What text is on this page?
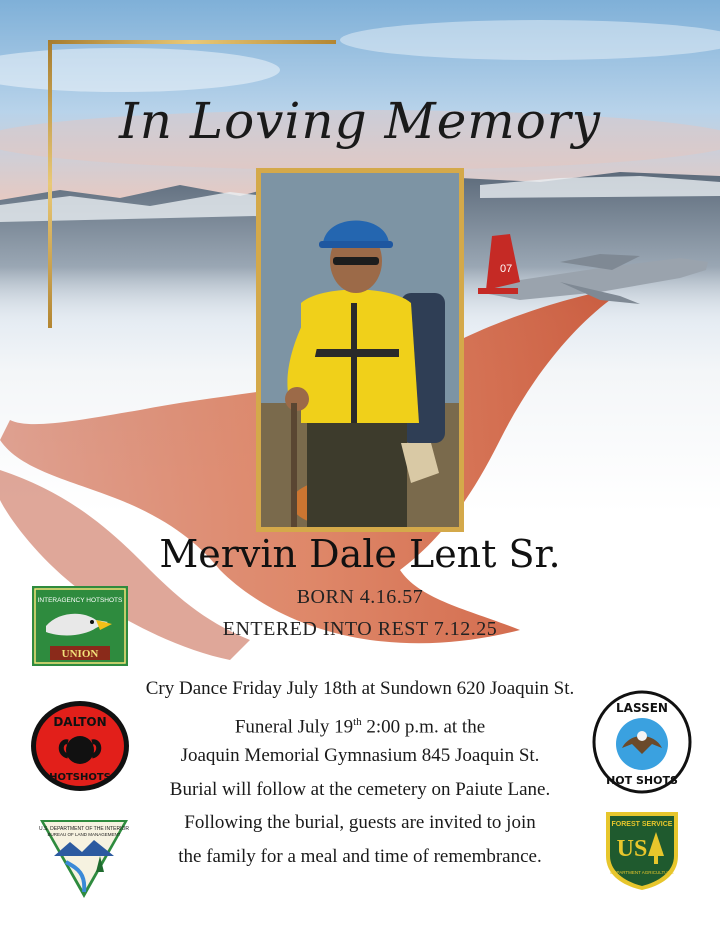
07
In Loving Memory
Mervin Dale Lent Sr.
BORN 4.16.57
ENTERED INTO REST 7.12.25
Cry Dance Friday July 18th at Sundown 620 Joaquin St.
Funeral July 19th 2:00 p.m. at the
Joaquin Memorial Gymnasium 845 Joaquin St.
Burial will follow at the cemetery on Paiute Lane.
Following the burial, guests are invited to join
the family for a meal and time of remembrance.
INTERAGENCY HOTSHOTS
UNION
DALTON
HOTSHOTS
U.S. DEPARTMENT OF THE INTERIOR
BUREAU OF LAND MANAGEMENT
LASSEN
HOT SHOTS
FOREST SERVICE
US
DEPARTMENT AGRICULTURE
